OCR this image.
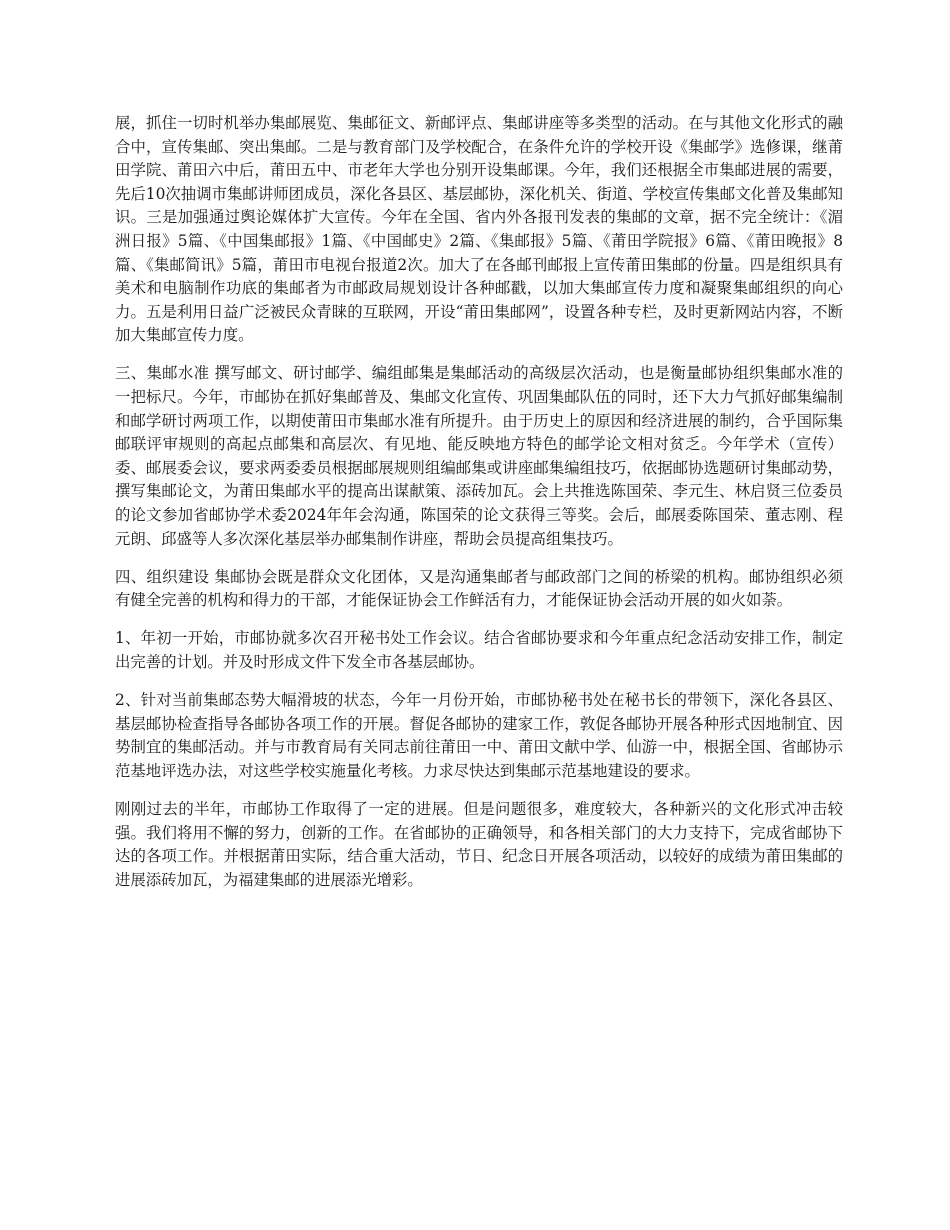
展，抓住一切时机举办集邮展览、集邮征文、新邮评点、集邮讲座等多类型的活动。在与其他文化形式的融合中，宣传集邮、突出集邮。二是与教育部门及学校配合，在条件允许的学校开设《集邮学》选修课，继莆田学院、莆田六中后，莆田五中、市老年大学也分别开设集邮课。今年，我们还根据全市集邮进展的需要，先后10次抽调市集邮讲师团成员，深化各县区、基层邮协，深化机关、街道、学校宣传集邮文化普及集邮知识。三是加强通过舆论媒体扩大宣传。今年在全国、省内外各报刊发表的集邮的文章，据不完全统计：《湄洲日报》5篇、《中国集邮报》1篇、《中国邮史》2篇、《集邮报》5篇、《莆田学院报》6篇、《莆田晚报》8篇、《集邮简讯》5篇，莆田市电视台报道2次。加大了在各邮刊邮报上宣传莆田集邮的份量。四是组织具有美术和电脑制作功底的集邮者为市邮政局规划设计各种邮戳，以加大集邮宣传力度和凝聚集邮组织的向心力。五是利用日益广泛被民众青睐的互联网，开设“莆田集邮网”，设置各种专栏，及时更新网站内容，不断加大集邮宣传力度。

三、集邮水准 撰写邮文、研讨邮学、编组邮集是集邮活动的高级层次活动，也是衡量邮协组织集邮水准的一把标尺。今年，市邮协在抓好集邮普及、集邮文化宣传、巩固集邮队伍的同时，还下大力气抓好邮集编制和邮学研讨两项工作，以期使莆田市集邮水准有所提升。由于历史上的原因和经济进展的制约，合乎国际集邮联评审规则的高起点邮集和高层次、有见地、能反映地方特色的邮学论文相对贫乏。今年学术（宣传）委、邮展委会议，要求两委委员根据邮展规则组编邮集或讲座邮集编组技巧，依据邮协选题研讨集邮动势，撰写集邮论文，为莆田集邮水平的提高出谋献策、添砖加瓦。会上共推选陈国荣、李元生、林启贤三位委员的论文参加省邮协学术委2024年年会沟通，陈国荣的论文获得三等奖。会后，邮展委陈国荣、董志刚、程元朗、邱盛等人多次深化基层举办邮集制作讲座，帮助会员提高组集技巧。

四、组织建设 集邮协会既是群众文化团体，又是沟通集邮者与邮政部门之间的桥梁的机构。邮协组织必须有健全完善的机构和得力的干部，才能保证协会工作鲜活有力，才能保证协会活动开展的如火如荼。

1、年初一开始，市邮协就多次召开秘书处工作会议。结合省邮协要求和今年重点纪念活动安排工作，制定出完善的计划。并及时形成文件下发全市各基层邮协。

2、针对当前集邮态势大幅滑坡的状态，今年一月份开始，市邮协秘书处在秘书长的带领下，深化各县区、基层邮协检查指导各邮协各项工作的开展。督促各邮协的建家工作，敦促各邮协开展各种形式因地制宜、因势制宜的集邮活动。并与市教育局有关同志前往莆田一中、莆田文献中学、仙游一中，根据全国、省邮协示范基地评选办法，对这些学校实施量化考核。力求尽快达到集邮示范基地建设的要求。

刚刚过去的半年，市邮协工作取得了一定的进展。但是问题很多，难度较大，各种新兴的文化形式冲击较强。我们将用不懈的努力，创新的工作。在省邮协的正确领导，和各相关部门的大力支持下，完成省邮协下达的各项工作。并根据莆田实际，结合重大活动，节日、纪念日开展各项活动，以较好的成绩为莆田集邮的进展添砖加瓦，为福建集邮的进展添光增彩。
